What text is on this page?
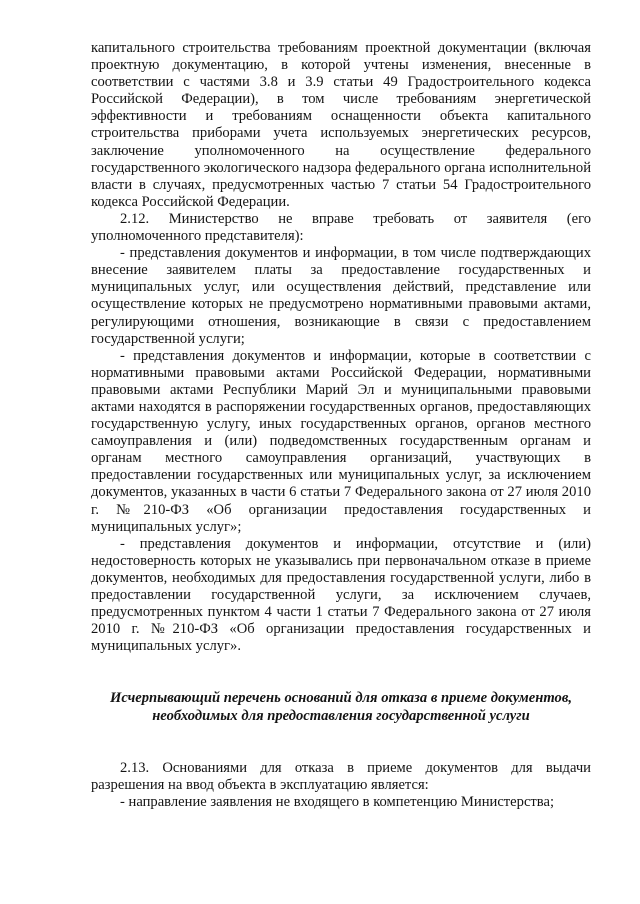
капитального строительства требованиям проектной документации (включая проектную документацию, в которой учтены изменения, внесенные в соответствии с частями 3.8 и 3.9 статьи 49 Градостроительного кодекса Российской Федерации), в том числе требованиям энергетической эффективности и требованиям оснащенности объекта капитального строительства приборами учета используемых энергетических ресурсов, заключение уполномоченного на осуществление федерального государственного экологического надзора федерального органа исполнительной власти в случаях, предусмотренных частью 7 статьи 54 Градостроительного кодекса Российской Федерации.

2.12. Министерство не вправе требовать от заявителя (его уполномоченного представителя):

- представления документов и информации, в том числе подтверждающих внесение заявителем платы за предоставление государственных и муниципальных услуг, или осуществления действий, представление или осуществление которых не предусмотрено нормативными правовыми актами, регулирующими отношения, возникающие в связи с предоставлением государственной услуги;

- представления документов и информации, которые в соответствии с нормативными правовыми актами Российской Федерации, нормативными правовыми актами Республики Марий Эл и муниципальными правовыми актами находятся в распоряжении государственных органов, предоставляющих государственную услугу, иных государственных органов, органов местного самоуправления и (или) подведомственных государственным органам и органам местного самоуправления организаций, участвующих в предоставлении государственных или муниципальных услуг, за исключением документов, указанных в части 6 статьи 7 Федерального закона от 27 июля 2010 г. №210-ФЗ «Об организации предоставления государственных и муниципальных услуг»;

- представления документов и информации, отсутствие и (или) недостоверность которых не указывались при первоначальном отказе в приеме документов, необходимых для предоставления государственной услуги, либо в предоставлении государственной услуги, за исключением случаев, предусмотренных пунктом 4 части 1 статьи 7 Федерального закона от 27 июля 2010 г. №210-ФЗ «Об организации предоставления государственных и муниципальных услуг».

Исчерпывающий перечень оснований для отказа в приеме документов,
необходимых для предоставления государственной услуги

2.13. Основаниями для отказа в приеме документов для выдачи разрешения на ввод объекта в эксплуатацию является:

- направление заявления не входящего в компетенцию Министерства;
